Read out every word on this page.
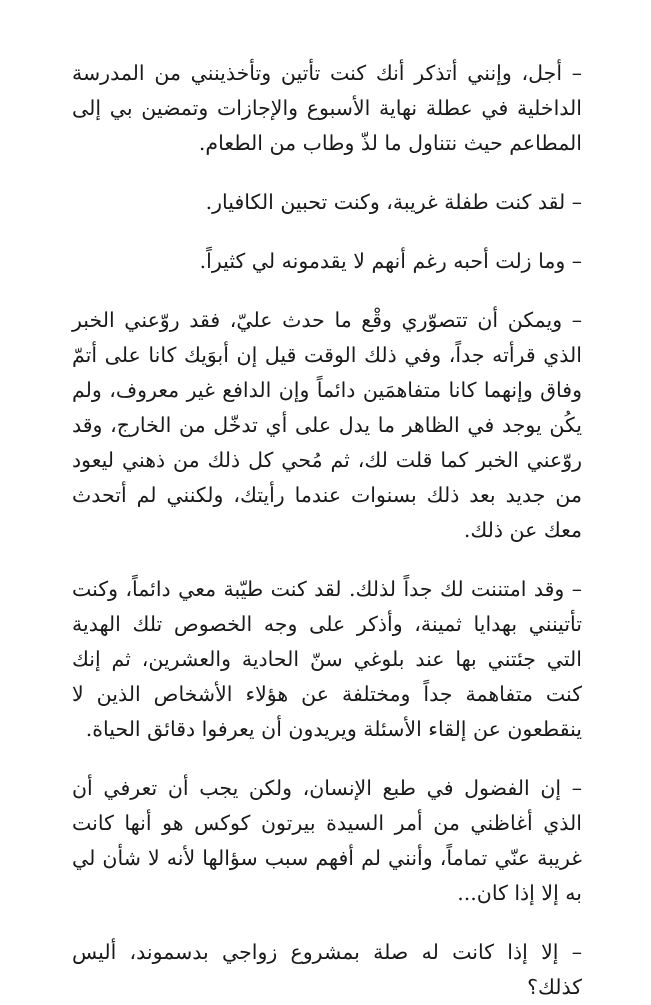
– أجل، وإنني أتذكر أنك كنت تأتين وتأخذينني من المدرسة الداخلية في عطلة نهاية الأسبوع والإجازات وتمضين بي إلى المطاعم حيث نتناول ما لذّ وطاب من الطعام.

– لقد كنت طفلة غريبة، وكنت تحبين الكافيار.

– وما زلت أحبه رغم أنهم لا يقدمونه لي كثيراً.

– ويمكن أن تتصوّري وقْع ما حدث عليّ، فقد روّعني الخبر الذي قرأته جداً، وفي ذلك الوقت قيل إن أبوَيك كانا على أتمّ وفاق وإنهما كانا متفاهمَين دائماً وإن الدافع غير معروف، ولم يكُن يوجد في الظاهر ما يدل على أي تدخّل من الخارج، وقد روّعني الخبر كما قلت لك، ثم مُحي كل ذلك من ذهني ليعود من جديد بعد ذلك بسنوات عندما رأيتك، ولكنني لم أتحدث معك عن ذلك.

– وقد امتننت لك جداً لذلك. لقد كنت طيّبة معي دائماً، وكنت تأتينني بهدايا ثمينة، وأذكر على وجه الخصوص تلك الهدية التي جئتني بها عند بلوغي سنّ الحادية والعشرين، ثم إنك كنت متفاهمة جداً ومختلفة عن هؤلاء الأشخاص الذين لا ينقطعون عن إلقاء الأسئلة ويريدون أن يعرفوا دقائق الحياة.

– إن الفضول في طبع الإنسان، ولكن يجب أن تعرفي أن الذي أغاظني من أمر السيدة بيرتون كوكس هو أنها كانت غريبة عنّي تماماً، وأنني لم أفهم سبب سؤالها لأنه لا شأن لي به إلا إذا كان...

– إلا إذا كانت له صلة بمشروع زواجي بدسموند، أليس كذلك؟
